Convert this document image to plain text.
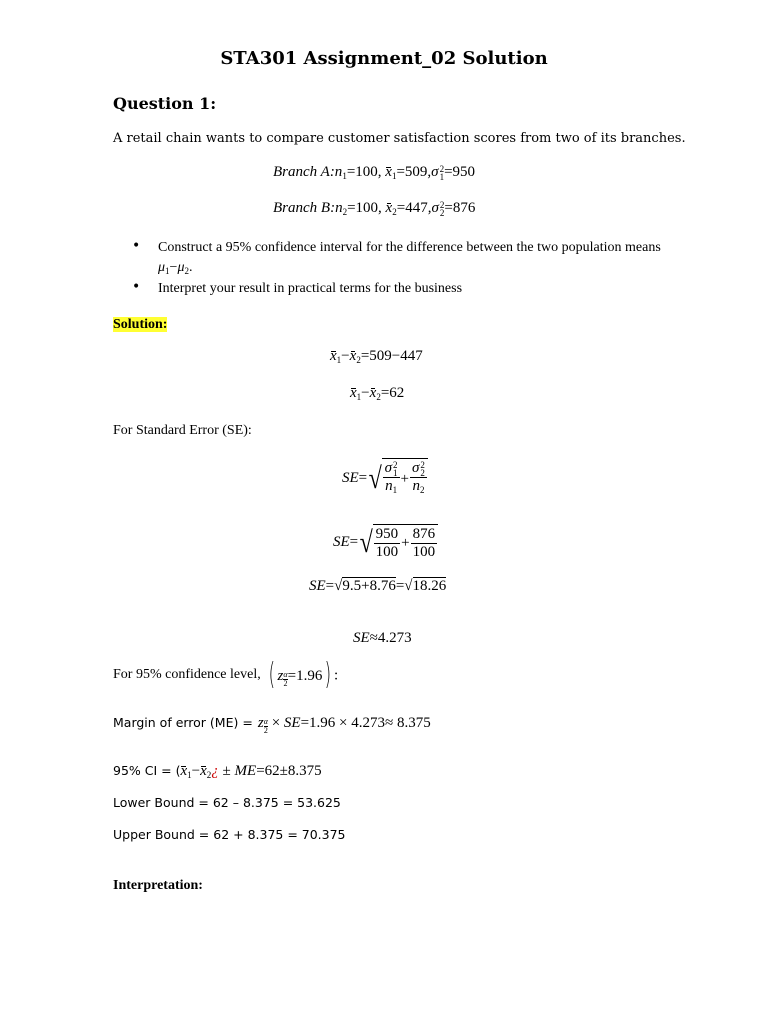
STA301 Assignment_02 Solution
Question 1:
A retail chain wants to compare customer satisfaction scores from two of its branches.
Branch $A:n_1=100$, $x_1=509,\sigma$ 2
1 =950
Branch $B:n_2=100$, $x_2=447,\sigma$ 2
2 =876
• Construct a 95% confidence interval for the difference between the two population means
$\mu_1-\mu_2$.
• Interpret your result in practical terms for the business
Solution:
$x_1-x_2=509-447$
$x_1-x_2=62$
For Standard Error (SE):
SE=√ σ 2
1
$n_1 + \sigma$ 2
2
$n_2$
$SE=√ \frac{950}{100} + \frac{876}{100}$
SE=√9.5+8.76=√18.26
SE≈4.273
For 95% confidence level, ( z $\frac{\alpha}{2} =1.96$) :
Margin of error (ME) = z $\frac{\alpha}{2} \times SE=1.96 \times 4.273\approx 8.375$
95% CI = ($x_1-x_2¿ \pm ME=62\pm 8.375$
Lower Bound = 62 – 8.375 = 53.625
Upper Bound = 62 + 8.375 = 70.375
Interpretation:
